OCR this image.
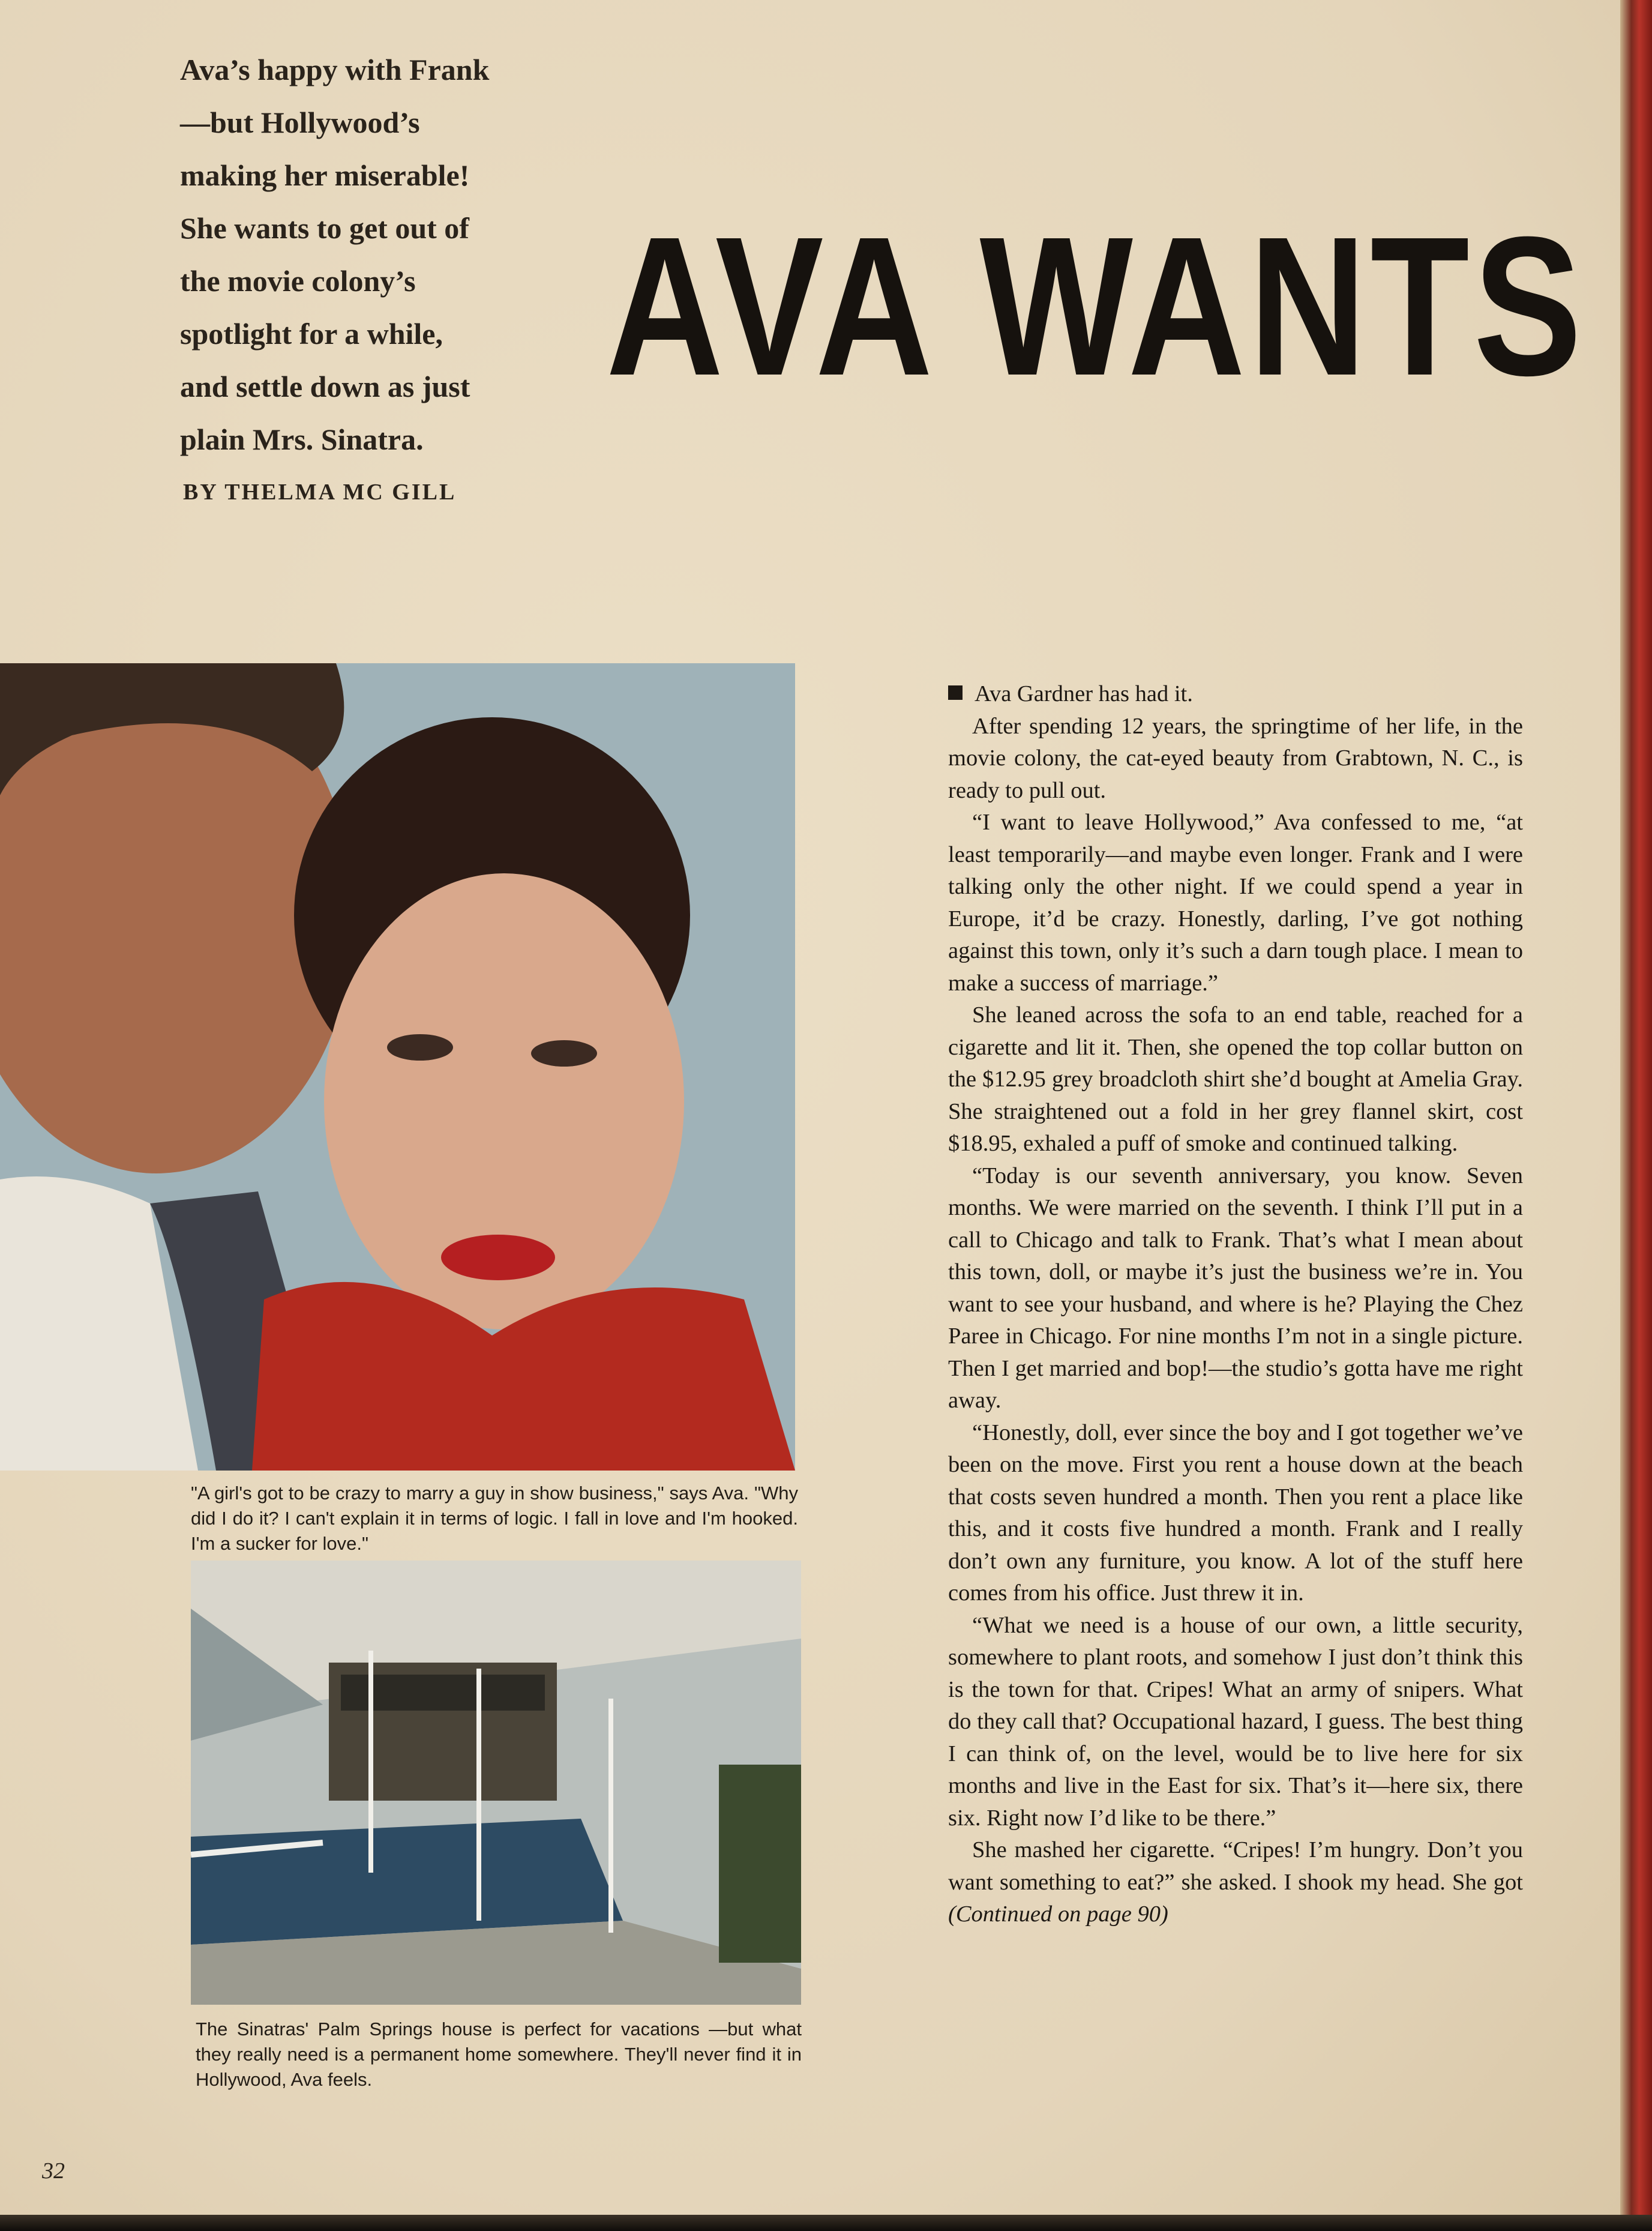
Ava’s happy with Frank

—but Hollywood’s

making her miserable!

She wants to get out of

the movie colony’s

spotlight for a while,

and settle down as just

plain Mrs. Sinatra.

BY THELMA MC GILL
AVA WANTS
"A girl's got to be crazy to marry a guy in show business," says Ava. "Why did I do it? I can't explain it in terms of logic. I fall in love and I'm hooked. I'm a sucker for love."
The Sinatras' Palm Springs house is perfect for vacations —but what they really need is a permanent home somewhere. They'll never find it in Hollywood, Ava feels.

Ava Gardner has had it.

After spending 12 years, the springtime of her life, in the movie colony, the cat-eyed beauty from Grabtown, N. C., is ready to pull out.

“I want to leave Hollywood,” Ava confessed to me, “at least temporarily—and maybe even longer. Frank and I were talking only the other night. If we could spend a year in Europe, it’d be crazy. Honestly, darling, I’ve got nothing against this town, only it’s such a darn tough place. I mean to make a success of marriage.”

She leaned across the sofa to an end table, reached for a cigarette and lit it. Then, she opened the top collar button on the $12.95 grey broadcloth shirt she’d bought at Amelia Gray. She straightened out a fold in her grey flannel skirt, cost $18.95, exhaled a puff of smoke and continued talking.

“Today is our seventh anniversary, you know. Seven months. We were married on the seventh. I think I’ll put in a call to Chicago and talk to Frank. That’s what I mean about this town, doll, or maybe it’s just the business we’re in. You want to see your husband, and where is he? Playing the Chez Paree in Chicago. For nine months I’m not in a single picture. Then I get married and bop!—the studio’s gotta have me right away.

“Honestly, doll, ever since the boy and I got together we’ve been on the move. First you rent a house down at the beach that costs seven hundred a month. Then you rent a place like this, and it costs five hundred a month. Frank and I really don’t own any furniture, you know. A lot of the stuff here comes from his office. Just threw it in.

“What we need is a house of our own, a little security, somewhere to plant roots, and somehow I just don’t think this is the town for that. Cripes! What an army of snipers. What do they call that? Occupational hazard, I guess. The best thing I can think of, on the level, would be to live here for six months and live in the East for six. That’s it—here six, there six. Right now I’d like to be there.”

She mashed her cigarette. “Cripes! I’m hungry. Don’t you want something to eat?” she asked. I shook my head. She got (Continued on page 90)

32
